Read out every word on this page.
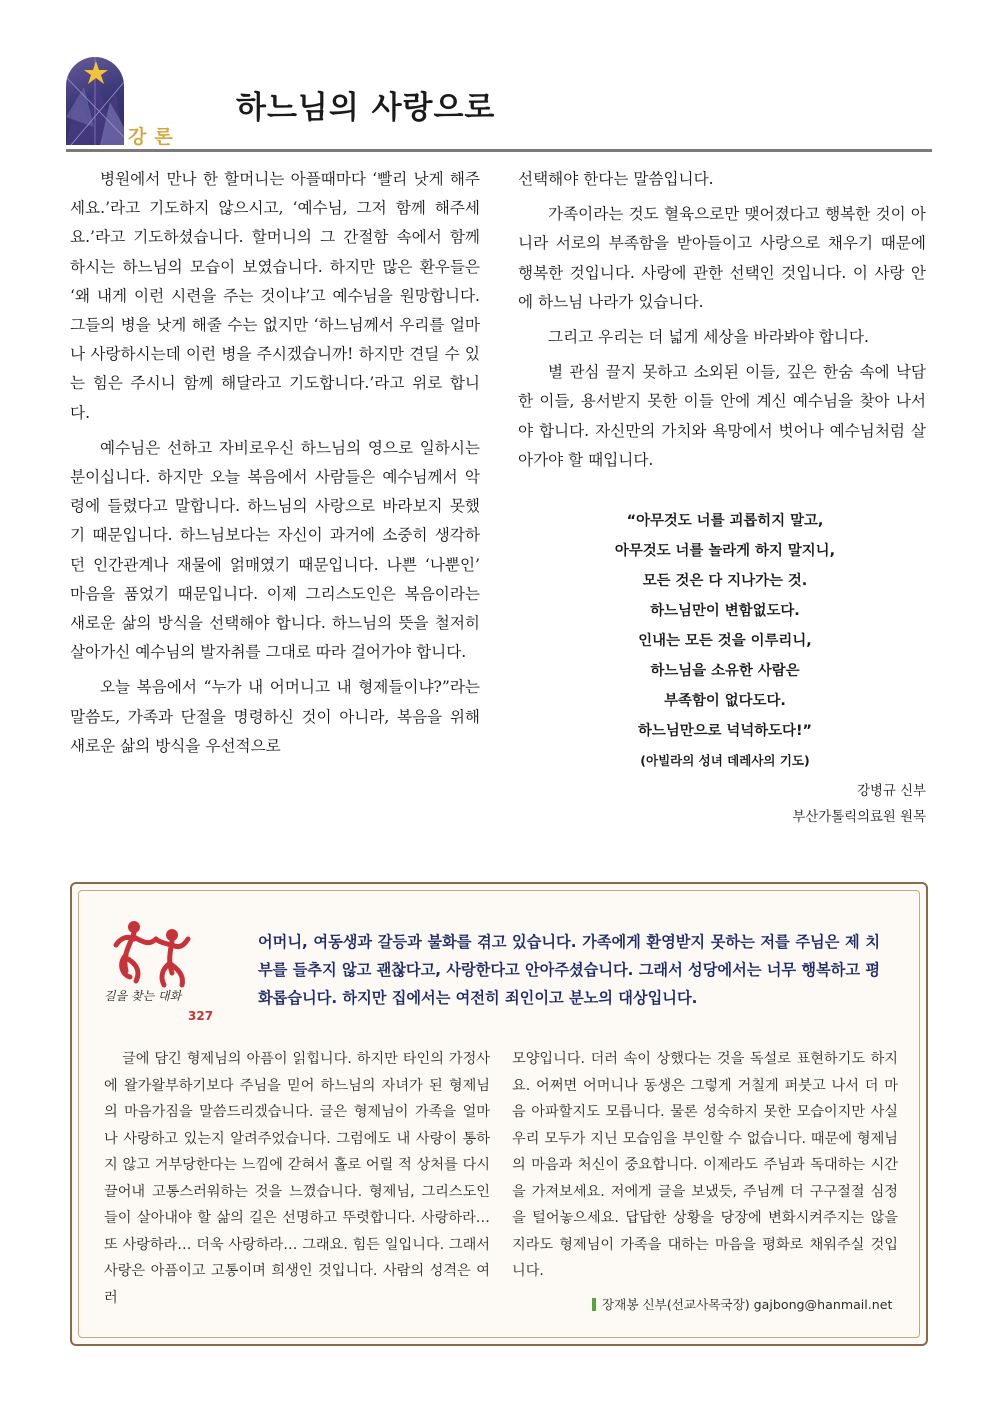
강론
하느님의 사랑으로

병원에서 만나 한 할머니는 아플때마다 ‘빨리 낫게 해주세요.’라고 기도하지 않으시고, ‘예수님, 그저 함께 해주세요.’라고 기도하셨습니다. 할머니의 그 간절함 속에서 함께 하시는 하느님의 모습이 보였습니다. 하지만 많은 환우들은 ‘왜 내게 이런 시련을 주는 것이냐’고 예수님을 원망합니다. 그들의 병을 낫게 해줄 수는 없지만 ‘하느님께서 우리를 얼마나 사랑하시는데 이런 병을 주시겠습니까! 하지만 견딜 수 있는 힘은 주시니 함께 해달라고 기도합니다.’라고 위로 합니다.

예수님은 선하고 자비로우신 하느님의 영으로 일하시는 분이십니다. 하지만 오늘 복음에서 사람들은 예수님께서 악령에 들렸다고 말합니다. 하느님의 사랑으로 바라보지 못했기 때문입니다. 하느님보다는 자신이 과거에 소중히 생각하던 인간관계나 재물에 얽매였기 때문입니다. 나쁜 ‘나뿐인’ 마음을 품었기 때문입니다. 이제 그리스도인은 복음이라는 새로운 삶의 방식을 선택해야 합니다. 하느님의 뜻을 철저히 살아가신 예수님의 발자취를 그대로 따라 걸어가야 합니다.

오늘 복음에서 “누가 내 어머니고 내 형제들이냐?”라는 말씀도, 가족과 단절을 명령하신 것이 아니라, 복음을 위해 새로운 삶의 방식을 우선적으로

선택해야 한다는 말씀입니다.

가족이라는 것도 혈육으로만 맺어졌다고 행복한 것이 아니라 서로의 부족함을 받아들이고 사랑으로 채우기 때문에 행복한 것입니다. 사랑에 관한 선택인 것입니다. 이 사랑 안에 하느님 나라가 있습니다.

그리고 우리는 더 넓게 세상을 바라봐야 합니다.

별 관심 끌지 못하고 소외된 이들, 깊은 한숨 속에 낙담한 이들, 용서받지 못한 이들 안에 계신 예수님을 찾아 나서야 합니다. 자신만의 가치와 욕망에서 벗어나 예수님처럼 살아가야 할 때입니다.

“아무것도 너를 괴롭히지 말고,
아무것도 너를 놀라게 하지 말지니,
모든 것은 다 지나가는 것.
하느님만이 변함없도다.
인내는 모든 것을 이루리니,
하느님을 소유한 사람은
부족함이 없다도다.
하느님만으로 넉넉하도다!”
(아빌라의 성녀 데레사의 기도)
강병규 신부
부산가톨릭의료원 원목
길을 찾는 대화
327
어머니, 여동생과 갈등과 불화를 겪고 있습니다. 가족에게 환영받지 못하는 저를 주님은 제 치부를 들추지 않고 괜찮다고, 사랑한다고 안아주셨습니다. 그래서 성당에서는 너무 행복하고 평화롭습니다. 하지만 집에서는 여전히 죄인이고 분노의 대상입니다.

글에 담긴 형제님의 아픔이 읽힙니다. 하지만 타인의 가정사에 왈가왈부하기보다 주님을 믿어 하느님의 자녀가 된 형제님의 마음가짐을 말씀드리겠습니다. 글은 형제님이 가족을 얼마나 사랑하고 있는지 알려주었습니다. 그럼에도 내 사랑이 통하지 않고 거부당한다는 느낌에 갇혀서 홀로 어릴 적 상처를 다시 끌어내 고통스러워하는 것을 느꼈습니다. 형제님, 그리스도인들이 살아내야 할 삶의 길은 선명하고 뚜렷합니다. 사랑하라… 또 사랑하라… 더욱 사랑하라… 그래요. 힘든 일입니다. 그래서 사랑은 아픔이고 고통이며 희생인 것입니다. 사람의 성격은 여러

모양입니다. 더러 속이 상했다는 것을 독설로 표현하기도 하지요. 어쩌면 어머니나 동생은 그렇게 거칠게 퍼붓고 나서 더 마음 아파할지도 모릅니다. 물론 성숙하지 못한 모습이지만 사실 우리 모두가 지닌 모습임을 부인할 수 없습니다. 때문에 형제님의 마음과 처신이 중요합니다. 이제라도 주님과 독대하는 시간을 가져보세요. 저에게 글을 보냈듯, 주님께 더 구구절절 심정을 털어놓으세요. 답답한 상황을 당장에 변화시켜주지는 않을지라도 형제님이 가족을 대하는 마음을 평화로 채워주실 것입니다.

장재봉 신부(선교사목국장) gajbong@hanmail.net
